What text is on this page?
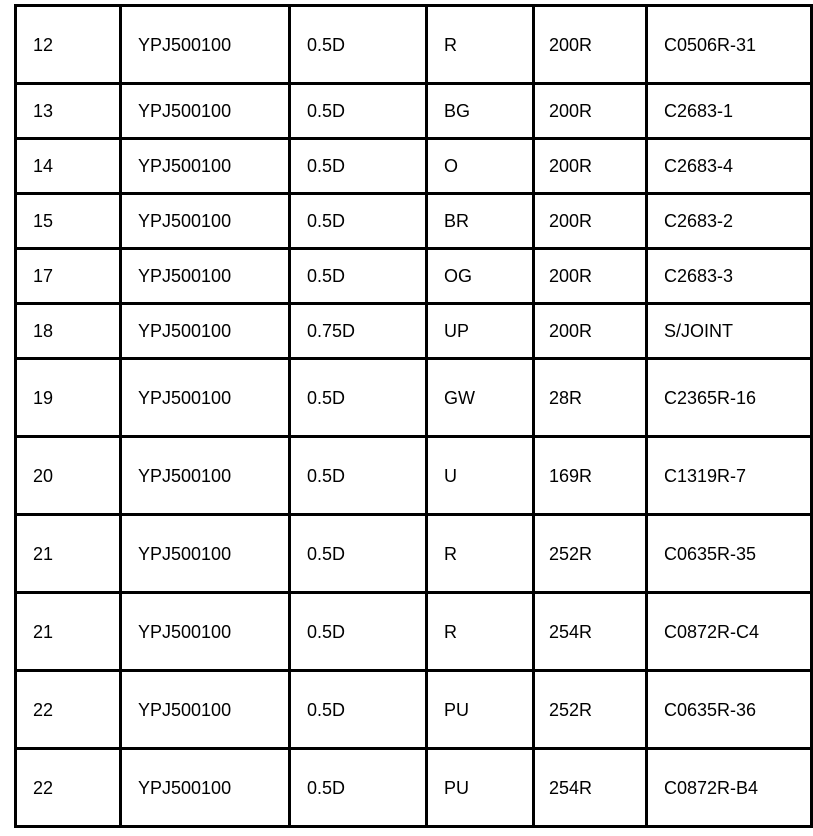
12	YPJ500100	0.5D	R	200R	C0506R-31
13	YPJ500100	0.5D	BG	200R	C2683-1
14	YPJ500100	0.5D	O	200R	C2683-4
15	YPJ500100	0.5D	BR	200R	C2683-2
17	YPJ500100	0.5D	OG	200R	C2683-3
18	YPJ500100	0.75D	UP	200R	S/JOINT
19	YPJ500100	0.5D	GW	28R	C2365R-16
20	YPJ500100	0.5D	U	169R	C1319R-7
21	YPJ500100	0.5D	R	252R	C0635R-35
21	YPJ500100	0.5D	R	254R	C0872R-C4
22	YPJ500100	0.5D	PU	252R	C0635R-36
22	YPJ500100	0.5D	PU	254R	C0872R-B4
